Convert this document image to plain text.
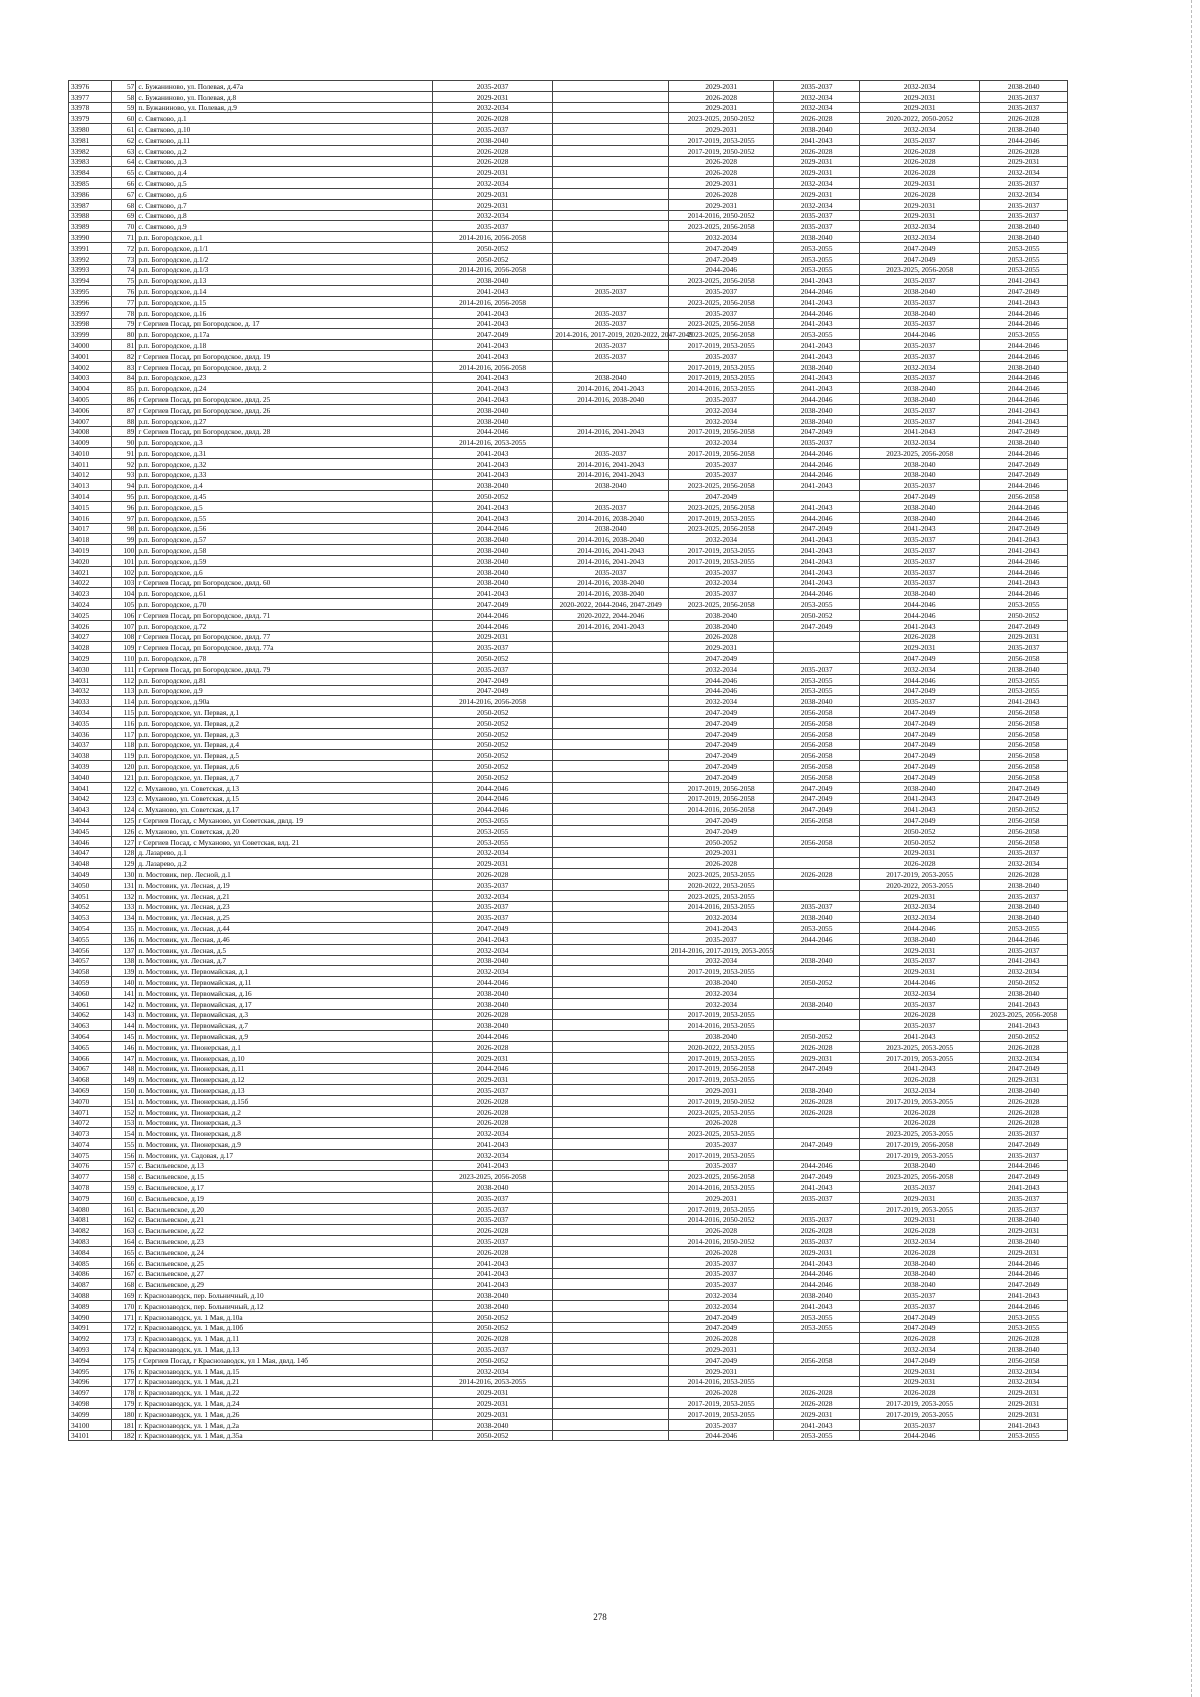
33976	57	с. Бужаниново, ул. Полевая, д.47а	2035-2037		2029-2031	2035-2037	2032-2034	2038-2040
33977	58	с. Бужаниново, ул. Полевая, д.8	2029-2031		2026-2028	2032-2034	2029-2031	2035-2037
33978	59	п. Бужаниново, ул. Полевая, д.9	2032-2034		2029-2031	2032-2034	2029-2031	2035-2037
33979	60	с. Святково, д.1	2026-2028		2023-2025, 2050-2052	2026-2028	2020-2022, 2050-2052	2026-2028
33980	61	с. Святково, д.10	2035-2037		2029-2031	2038-2040	2032-2034	2038-2040
33981	62	с. Святково, д.11	2038-2040		2017-2019, 2053-2055	2041-2043	2035-2037	2044-2046
33982	63	с. Святково, д.2	2026-2028		2017-2019, 2050-2052	2026-2028	2026-2028	2026-2028
33983	64	с. Святково, д.3	2026-2028		2026-2028	2029-2031	2026-2028	2029-2031
33984	65	с. Святково, д.4	2029-2031		2026-2028	2029-2031	2026-2028	2032-2034
33985	66	с. Святково, д.5	2032-2034		2029-2031	2032-2034	2029-2031	2035-2037
33986	67	с. Святково, д.6	2029-2031		2026-2028	2029-2031	2026-2028	2032-2034
33987	68	с. Святково, д.7	2029-2031		2029-2031	2032-2034	2029-2031	2035-2037
33988	69	с. Святково, д.8	2032-2034		2014-2016, 2050-2052	2035-2037	2029-2031	2035-2037
33989	70	с. Святково, д.9	2035-2037		2023-2025, 2056-2058	2035-2037	2032-2034	2038-2040
33990	71	р.п. Богородское, д.1	2014-2016, 2056-2058		2032-2034	2038-2040	2032-2034	2038-2040
33991	72	р.п. Богородское, д.1/1	2050-2052		2047-2049	2053-2055	2047-2049	2053-2055
33992	73	р.п. Богородское, д.1/2	2050-2052		2047-2049	2053-2055	2047-2049	2053-2055
33993	74	р.п. Богородское, д.1/3	2014-2016, 2056-2058		2044-2046	2053-2055	2023-2025, 2056-2058	2053-2055
33994	75	р.п. Богородское, д.13	2038-2040		2023-2025, 2056-2058	2041-2043	2035-2037	2041-2043
33995	76	р.п. Богородское, д.14	2041-2043	2035-2037	2035-2037	2044-2046	2038-2040	2047-2049
33996	77	р.п. Богородское, д.15	2014-2016, 2056-2058		2023-2025, 2056-2058	2041-2043	2035-2037	2041-2043
33997	78	р.п. Богородское, д.16	2041-2043	2035-2037	2035-2037	2044-2046	2038-2040	2044-2046
33998	79	г Сергиев Посад, рп Богородское, д. 17	2041-2043	2035-2037	2023-2025, 2056-2058	2041-2043	2035-2037	2044-2046
33999	80	р.п. Богородское, д.17а	2047-2049	2014-2016, 2017-2019, 2020-2022, 2047-2049	2023-2025, 2056-2058	2053-2055	2044-2046	2053-2055
34000	81	р.п. Богородское, д.18	2041-2043	2035-2037	2017-2019, 2053-2055	2041-2043	2035-2037	2044-2046
34001	82	г Сергиев Посад, рп Богородское, двлд. 19	2041-2043	2035-2037	2035-2037	2041-2043	2035-2037	2044-2046
34002	83	г Сергиев Посад, рп Богородское, двлд. 2	2014-2016, 2056-2058		2017-2019, 2053-2055	2038-2040	2032-2034	2038-2040
34003	84	р.п. Богородское, д.23	2041-2043	2038-2040	2017-2019, 2053-2055	2041-2043	2035-2037	2044-2046
34004	85	р.п. Богородское, д.24	2041-2043	2014-2016, 2041-2043	2014-2016, 2053-2055	2041-2043	2038-2040	2044-2046
34005	86	г Сергиев Посад, рп Богородское, двлд. 25	2041-2043	2014-2016, 2038-2040	2035-2037	2044-2046	2038-2040	2044-2046
34006	87	г Сергиев Посад, рп Богородское, двлд. 26	2038-2040		2032-2034	2038-2040	2035-2037	2041-2043
34007	88	р.п. Богородское, д.27	2038-2040		2032-2034	2038-2040	2035-2037	2041-2043
34008	89	г Сергиев Посад, рп Богородское, двлд. 28	2044-2046	2014-2016, 2041-2043	2017-2019, 2056-2058	2047-2049	2041-2043	2047-2049
34009	90	р.п. Богородское, д.3	2014-2016, 2053-2055		2032-2034	2035-2037	2032-2034	2038-2040
34010	91	р.п. Богородское, д.31	2041-2043	2035-2037	2017-2019, 2056-2058	2044-2046	2023-2025, 2056-2058	2044-2046
34011	92	р.п. Богородское, д.32	2041-2043	2014-2016, 2041-2043	2035-2037	2044-2046	2038-2040	2047-2049
34012	93	р.п. Богородское, д.33	2041-2043	2014-2016, 2041-2043	2035-2037	2044-2046	2038-2040	2047-2049
34013	94	р.п. Богородское, д.4	2038-2040	2038-2040	2023-2025, 2056-2058	2041-2043	2035-2037	2044-2046
34014	95	р.п. Богородское, д.45	2050-2052		2047-2049		2047-2049	2056-2058
34015	96	р.п. Богородское, д.5	2041-2043	2035-2037	2023-2025, 2056-2058	2041-2043	2038-2040	2044-2046
34016	97	р.п. Богородское, д.55	2041-2043	2014-2016, 2038-2040	2017-2019, 2053-2055	2044-2046	2038-2040	2044-2046
34017	98	р.п. Богородское, д.56	2044-2046	2038-2040	2023-2025, 2056-2058	2047-2049	2041-2043	2047-2049
34018	99	р.п. Богородское, д.57	2038-2040	2014-2016, 2038-2040	2032-2034	2041-2043	2035-2037	2041-2043
34019	100	р.п. Богородское, д.58	2038-2040	2014-2016, 2041-2043	2017-2019, 2053-2055	2041-2043	2035-2037	2041-2043
34020	101	р.п. Богородское, д.59	2038-2040	2014-2016, 2041-2043	2017-2019, 2053-2055	2041-2043	2035-2037	2044-2046
34021	102	р.п. Богородское, д.6	2038-2040	2035-2037	2035-2037	2041-2043	2035-2037	2044-2046
34022	103	г Сергиев Посад, рп Богородское, двлд. 60	2038-2040	2014-2016, 2038-2040	2032-2034	2041-2043	2035-2037	2041-2043
34023	104	р.п. Богородское, д.61	2041-2043	2014-2016, 2038-2040	2035-2037	2044-2046	2038-2040	2044-2046
34024	105	р.п. Богородское, д.70	2047-2049	2020-2022, 2044-2046, 2047-2049	2023-2025, 2056-2058	2053-2055	2044-2046	2053-2055
34025	106	г Сергиев Посад, рп Богородское, двлд. 71	2044-2046	2020-2022, 2044-2046	2038-2040	2050-2052	2044-2046	2050-2052
34026	107	р.п. Богородское, д.72	2044-2046	2014-2016, 2041-2043	2038-2040	2047-2049	2041-2043	2047-2049
34027	108	г Сергиев Посад, рп Богородское, двлд. 77	2029-2031		2026-2028		2026-2028	2029-2031
34028	109	г Сергиев Посад, рп Богородское, двлд. 77а	2035-2037		2029-2031		2029-2031	2035-2037
34029	110	р.п. Богородское, д.78	2050-2052		2047-2049		2047-2049	2056-2058
34030	111	г Сергиев Посад, рп Богородское, двлд. 79	2035-2037		2032-2034	2035-2037	2032-2034	2038-2040
34031	112	р.п. Богородское, д.81	2047-2049		2044-2046	2053-2055	2044-2046	2053-2055
34032	113	р.п. Богородское, д.9	2047-2049		2044-2046	2053-2055	2047-2049	2053-2055
34033	114	р.п. Богородское, д.90а	2014-2016, 2056-2058		2032-2034	2038-2040	2035-2037	2041-2043
34034	115	р.п. Богородское, ул. Первая, д.1	2050-2052		2047-2049	2056-2058	2047-2049	2056-2058
34035	116	р.п. Богородское, ул. Первая, д.2	2050-2052		2047-2049	2056-2058	2047-2049	2056-2058
34036	117	р.п. Богородское, ул. Первая, д.3	2050-2052		2047-2049	2056-2058	2047-2049	2056-2058
34037	118	р.п. Богородское, ул. Первая, д.4	2050-2052		2047-2049	2056-2058	2047-2049	2056-2058
34038	119	р.п. Богородское, ул. Первая, д.5	2050-2052		2047-2049	2056-2058	2047-2049	2056-2058
34039	120	р.п. Богородское, ул. Первая, д.6	2050-2052		2047-2049	2056-2058	2047-2049	2056-2058
34040	121	р.п. Богородское, ул. Первая, д.7	2050-2052		2047-2049	2056-2058	2047-2049	2056-2058
34041	122	с. Муханово, ул. Советская, д.13	2044-2046		2017-2019, 2056-2058	2047-2049	2038-2040	2047-2049
34042	123	с. Муханово, ул. Советская, д.15	2044-2046		2017-2019, 2056-2058	2047-2049	2041-2043	2047-2049
34043	124	с. Муханово, ул. Советская, д.17	2044-2046		2014-2016, 2056-2058	2047-2049	2041-2043	2050-2052
34044	125	г Сергиев Посад, с Муханово, ул Советская, двлд. 19	2053-2055		2047-2049	2056-2058	2047-2049	2056-2058
34045	126	с. Муханово, ул. Советская, д.20	2053-2055		2047-2049		2050-2052	2056-2058
34046	127	г Сергиев Посад, с Муханово, ул Советская, влд. 21	2053-2055		2050-2052	2056-2058	2050-2052	2056-2058
34047	128	д. Лазарево, д.1	2032-2034		2029-2031		2029-2031	2035-2037
34048	129	д. Лазарево, д.2	2029-2031		2026-2028		2026-2028	2032-2034
34049	130	п. Мостовик, пер. Лесной, д.1	2026-2028		2023-2025, 2053-2055	2026-2028	2017-2019, 2053-2055	2026-2028
34050	131	п. Мостовик, ул. Лесная, д.19	2035-2037		2020-2022, 2053-2055		2020-2022, 2053-2055	2038-2040
34051	132	п. Мостовик, ул. Лесная, д.21	2032-2034		2023-2025, 2053-2055		2029-2031	2035-2037
34052	133	п. Мостовик, ул. Лесная, д.23	2035-2037		2014-2016, 2053-2055	2035-2037	2032-2034	2038-2040
34053	134	п. Мостовик, ул. Лесная, д.25	2035-2037		2032-2034	2038-2040	2032-2034	2038-2040
34054	135	п. Мостовик, ул. Лесная, д.44	2047-2049		2041-2043	2053-2055	2044-2046	2053-2055
34055	136	п. Мостовик, ул. Лесная, д.46	2041-2043		2035-2037	2044-2046	2038-2040	2044-2046
34056	137	п. Мостовик, ул. Лесная, д.5	2032-2034		2014-2016, 2017-2019, 2053-2055		2029-2031	2035-2037
34057	138	п. Мостовик, ул. Лесная, д.7	2038-2040		2032-2034	2038-2040	2035-2037	2041-2043
34058	139	п. Мостовик, ул. Первомайская, д.1	2032-2034		2017-2019, 2053-2055		2029-2031	2032-2034
34059	140	п. Мостовик, ул. Первомайская, д.11	2044-2046		2038-2040	2050-2052	2044-2046	2050-2052
34060	141	п. Мостовик, ул. Первомайская, д.16	2038-2040		2032-2034		2032-2034	2038-2040
34061	142	п. Мостовик, ул. Первомайская, д.17	2038-2040		2032-2034	2038-2040	2035-2037	2041-2043
34062	143	п. Мостовик, ул. Первомайская, д.3	2026-2028		2017-2019, 2053-2055		2026-2028	2023-2025, 2056-2058
34063	144	п. Мостовик, ул. Первомайская, д.7	2038-2040		2014-2016, 2053-2055		2035-2037	2041-2043
34064	145	п. Мостовик, ул. Первомайская, д.9	2044-2046		2038-2040	2050-2052	2041-2043	2050-2052
34065	146	п. Мостовик, ул. Пионерская, д.1	2026-2028		2020-2022, 2053-2055	2026-2028	2023-2025, 2053-2055	2026-2028
34066	147	п. Мостовик, ул. Пионерская, д.10	2029-2031		2017-2019, 2053-2055	2029-2031	2017-2019, 2053-2055	2032-2034
34067	148	п. Мостовик, ул. Пионерская, д.11	2044-2046		2017-2019, 2056-2058	2047-2049	2041-2043	2047-2049
34068	149	п. Мостовик, ул. Пионерская, д.12	2029-2031		2017-2019, 2053-2055		2026-2028	2029-2031
34069	150	п. Мостовик, ул. Пионерская, д.13	2035-2037		2029-2031	2038-2040	2032-2034	2038-2040
34070	151	п. Мостовик, ул. Пионерская, д.15б	2026-2028		2017-2019, 2050-2052	2026-2028	2017-2019, 2053-2055	2026-2028
34071	152	п. Мостовик, ул. Пионерская, д.2	2026-2028		2023-2025, 2053-2055	2026-2028	2026-2028	2026-2028
34072	153	п. Мостовик, ул. Пионерская, д.3	2026-2028		2026-2028		2026-2028	2026-2028
34073	154	п. Мостовик, ул. Пионерская, д.8	2032-2034		2023-2025, 2053-2055		2023-2025, 2053-2055	2035-2037
34074	155	п. Мостовик, ул. Пионерская, д.9	2041-2043		2035-2037	2047-2049	2017-2019, 2056-2058	2047-2049
34075	156	п. Мостовик, ул. Садовая, д.17	2032-2034		2017-2019, 2053-2055		2017-2019, 2053-2055	2035-2037
34076	157	с. Васильевское, д.13	2041-2043		2035-2037	2044-2046	2038-2040	2044-2046
34077	158	с. Васильевское, д.15	2023-2025, 2056-2058		2023-2025, 2056-2058	2047-2049	2023-2025, 2056-2058	2047-2049
34078	159	с. Васильевское, д.17	2038-2040		2014-2016, 2053-2055	2041-2043	2035-2037	2041-2043
34079	160	с. Васильевское, д.19	2035-2037		2029-2031	2035-2037	2029-2031	2035-2037
34080	161	с. Васильевское, д.20	2035-2037		2017-2019, 2053-2055		2017-2019, 2053-2055	2035-2037
34081	162	с. Васильевское, д.21	2035-2037		2014-2016, 2050-2052	2035-2037	2029-2031	2038-2040
34082	163	с. Васильевское, д.22	2026-2028		2026-2028	2026-2028	2026-2028	2029-2031
34083	164	с. Васильевское, д.23	2035-2037		2014-2016, 2050-2052	2035-2037	2032-2034	2038-2040
34084	165	с. Васильевское, д.24	2026-2028		2026-2028	2029-2031	2026-2028	2029-2031
34085	166	с. Васильевское, д.25	2041-2043		2035-2037	2041-2043	2038-2040	2044-2046
34086	167	с. Васильевское, д.27	2041-2043		2035-2037	2044-2046	2038-2040	2044-2046
34087	168	с. Васильевское, д.29	2041-2043		2035-2037	2044-2046	2038-2040	2047-2049
34088	169	г. Краснозаводск, пер. Больничный, д.10	2038-2040		2032-2034	2038-2040	2035-2037	2041-2043
34089	170	г. Краснозаводск, пер. Больничный, д.12	2038-2040		2032-2034	2041-2043	2035-2037	2044-2046
34090	171	г. Краснозаводск, ул. 1 Мая, д.10а	2050-2052		2047-2049	2053-2055	2047-2049	2053-2055
34091	172	г. Краснозаводск, ул. 1 Мая, д.10б	2050-2052		2047-2049	2053-2055	2047-2049	2053-2055
34092	173	г. Краснозаводск, ул. 1 Мая, д.11	2026-2028		2026-2028		2026-2028	2026-2028
34093	174	г. Краснозаводск, ул. 1 Мая, д.13	2035-2037		2029-2031		2032-2034	2038-2040
34094	175	г Сергиев Посад, г Краснозаводск, ул 1 Мая, двлд. 14б	2050-2052		2047-2049	2056-2058	2047-2049	2056-2058
34095	176	г. Краснозаводск, ул. 1 Мая, д.15	2032-2034		2029-2031		2029-2031	2032-2034
34096	177	г. Краснозаводск, ул. 1 Мая, д.21	2014-2016, 2053-2055		2014-2016, 2053-2055		2029-2031	2032-2034
34097	178	г. Краснозаводск, ул. 1 Мая, д.22	2029-2031		2026-2028	2026-2028	2026-2028	2029-2031
34098	179	г. Краснозаводск, ул. 1 Мая, д.24	2029-2031		2017-2019, 2053-2055	2026-2028	2017-2019, 2053-2055	2029-2031
34099	180	г. Краснозаводск, ул. 1 Мая, д.26	2029-2031		2017-2019, 2053-2055	2029-2031	2017-2019, 2053-2055	2029-2031
34100	181	г. Краснозаводск, ул. 1 Мая, д.2а	2038-2040		2035-2037	2041-2043	2035-2037	2041-2043
34101	182	г. Краснозаводск, ул. 1 Мая, д.35а	2050-2052		2044-2046	2053-2055	2044-2046	2053-2055
278
